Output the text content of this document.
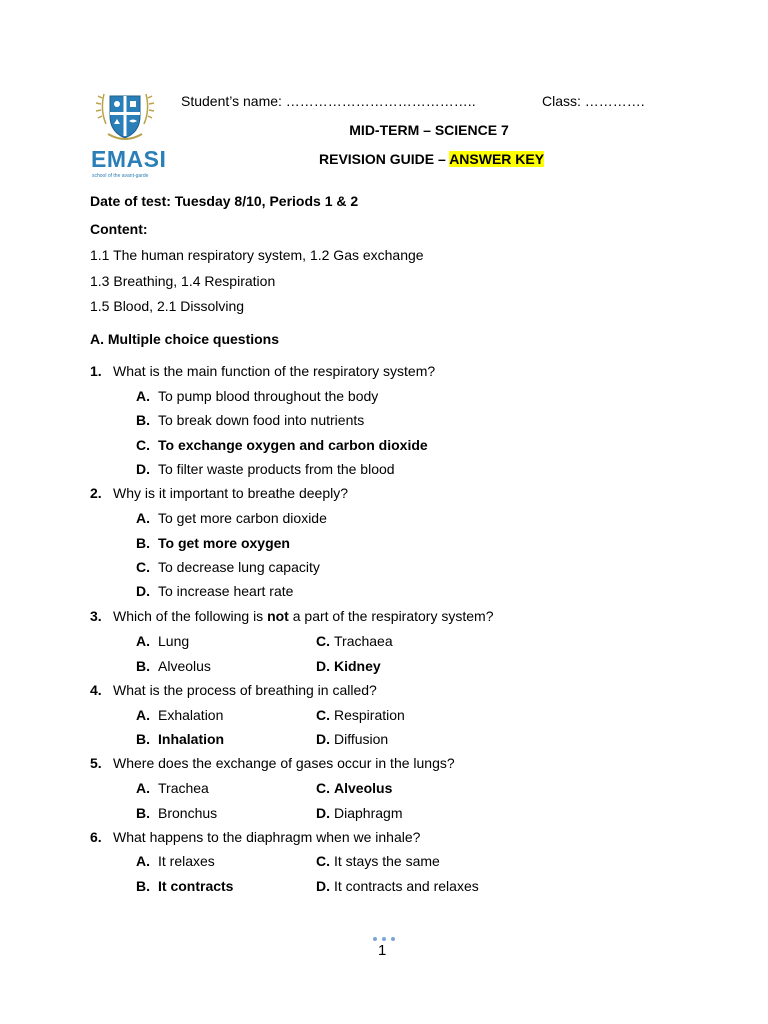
EMASI
school of the avant-garde
Student’s name: …………………………………..	Class: ………….
MID-TERM – SCIENCE 7
REVISION GUIDE – ANSWER KEY
Date of test: Tuesday 8/10, Periods 1 & 2
Content:
1.1 The human respiratory system, 1.2 Gas exchange
1.3 Breathing, 1.4 Respiration
1.5 Blood, 2.1 Dissolving
A. Multiple choice questions
1. What is the main function of the respiratory system?
A. To pump blood throughout the body
B. To break down food into nutrients
C. To exchange oxygen and carbon dioxide
D. To filter waste products from the blood
2. Why is it important to breathe deeply?
A. To get more carbon dioxide
B. To get more oxygen
C. To decrease lung capacity
D. To increase heart rate
3. Which of the following is not a part of the respiratory system?
A. Lung	C. Trachaea
B. Alveolus	D. Kidney
4. What is the process of breathing in called?
A. Exhalation	C. Respiration
B. Inhalation	D. Diffusion
5. Where does the exchange of gases occur in the lungs?
A. Trachea	C. Alveolus
B. Bronchus	D. Diaphragm
6. What happens to the diaphragm when we inhale?
A. It relaxes	C. It stays the same
B. It contracts	D. It contracts and relaxes
1
